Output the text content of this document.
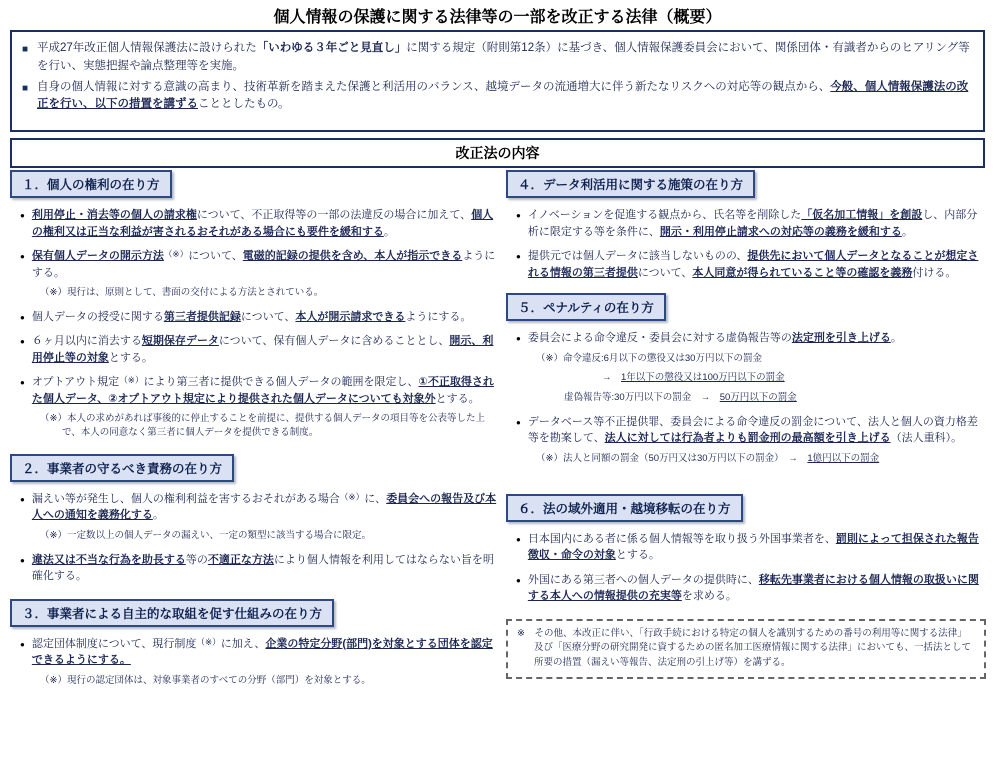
個人情報の保護に関する法律等の一部を改正する法律（概要）
■ 平成27年改正個人情報保護法に設けられた「いわゆる３年ごと見直し」に関する規定（附則第12条）に基づき、個人情報保護委員会において、関係団体・有識者からのヒアリング等を行い、実態把握や論点整理等を実施。
■ 自身の個人情報に対する意識の高まり、技術革新を踏まえた保護と利活用のバランス、越境データの流通増大に伴う新たなリスクへの対応等の観点から、今般、個人情報保護法の改正を行い、以下の措置を講ずることとしたもの。
改正法の内容
１．個人の権利の在り方
● 利用停止・消去等の個人の請求権について、不正取得等の一部の法違反の場合に加えて、個人の権利又は正当な利益が害されるおそれがある場合にも要件を緩和する。
● 保有個人データの開示方法（※）について、電磁的記録の提供を含め、本人が指示できるようにする。
（※）現行は、原則として、書面の交付による方法とされている。
● 個人データの授受に関する第三者提供記録について、本人が開示請求できるようにする。
● ６ヶ月以内に消去する短期保存データについて、保有個人データに含めることとし、開示、利用停止等の対象とする。
● オプトアウト規定（※）により第三者に提供できる個人データの範囲を限定し、①不正取得された個人データ、②オプトアウト規定により提供された個人データについても対象外とする。
（※）本人の求めがあれば事後的に停止することを前提に、提供する個人データの項目等を公表等した上で、本人の同意なく第三者に個人データを提供できる制度。
２．事業者の守るべき責務の在り方
● 漏えい等が発生し、個人の権利利益を害するおそれがある場合（※）に、委員会への報告及び本人への通知を義務化する。
（※）一定数以上の個人データの漏えい、一定の類型に該当する場合に限定。
● 違法又は不当な行為を助長する等の不適正な方法により個人情報を利用してはならない旨を明確化する。
３．事業者による自主的な取組を促す仕組みの在り方
● 認定団体制度について、現行制度（※）に加え、企業の特定分野(部門)を対象とする団体を認定できるようにする。
（※）現行の認定団体は、対象事業者のすべての分野（部門）を対象とする。
４．データ利活用に関する施策の在り方
● イノベーションを促進する観点から、氏名等を削除した「仮名加工情報」を創設し、内部分析に限定する等を条件に、開示・利用停止請求への対応等の義務を緩和する。
● 提供元では個人データに該当しないものの、提供先において個人データとなることが想定される情報の第三者提供について、本人同意が得られていること等の確認を義務付ける。
５．ペナルティの在り方
● 委員会による命令違反・委員会に対する虚偽報告等の法定刑を引き上げる。
（※）命令違反:6月以下の懲役又は30万円以下の罰金
→　1年以下の懲役又は100万円以下の罰金
虚偽報告等:30万円以下の罰金　→　50万円以下の罰金
● データベース等不正提供罪、委員会による命令違反の罰金について、法人と個人の資力格差等を勘案して、法人に対しては行為者よりも罰金刑の最高額を引き上げる（法人重科）。
（※）法人と同額の罰金（50万円又は30万円以下の罰金）　→　1億円以下の罰金
６．法の域外適用・越境移転の在り方
● 日本国内にある者に係る個人情報等を取り扱う外国事業者を、罰則によって担保された報告徴収・命令の対象とする。
● 外国にある第三者への個人データの提供時に、移転先事業者における個人情報の取扱いに関する本人への情報提供の充実等を求める。
※　その他、本改正に伴い、「行政手続における特定の個人を識別するための番号の利用等に関する法律」及び「医療分野の研究開発に資するための匿名加工医療情報に関する法律」においても、一括法として所要の措置（漏えい等報告、法定刑の引上げ等）を講ずる。
